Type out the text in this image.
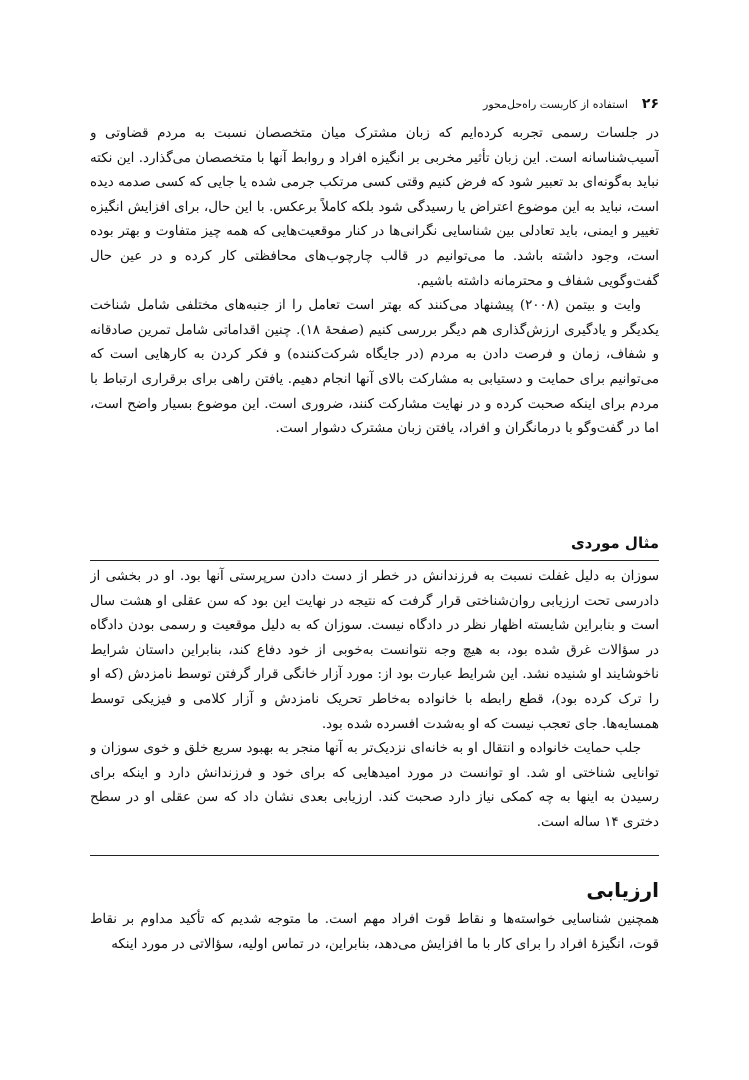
۲۶
استفاده از کاربست راه‌حل‌محور

در جلسات رسمی تجربه کرده‌ایم که زبان مشترک میان متخصصان نسبت به مردم قضاوتی و آسیب‌شناسانه است. این زبان تأثیر مخربی بر انگیزه افراد و روابط آنها با متخصصان می‌گذارد. این نکته نباید به‌گونه‌ای بد تعبیر شود که فرض کنیم وقتی کسی مرتکب جرمی شده یا جایی که کسی صدمه دیده است، نباید به این موضوع اعتراض یا رسیدگی شود بلکه کاملاً برعکس. با این حال، برای افزایش انگیزه تغییر و ایمنی، باید تعادلی بین شناسایی نگرانی‌ها در کنار موقعیت‌هایی که همه چیز متفاوت و بهتر بوده است، وجود داشته باشد. ما می‌توانیم در قالب چارچوب‌های محافظتی کار کرده و در عین حال گفت‌وگویی شفاف و محترمانه داشته باشیم.

وایت و بیتمن (۲۰۰۸) پیشنهاد می‌کنند که بهتر است تعامل را از جنبه‌های مختلفی شامل شناخت یکدیگر و یادگیری ارزش‌گذاری هم دیگر بررسی کنیم (صفحهٔ ۱۸). چنین اقداماتی شامل تمرین صادقانه و شفاف، زمان و فرصت دادن به مردم (در جایگاه شرکت‌کننده) و فکر کردن به کارهایی است که می‌توانیم برای حمایت و دستیابی به مشارکت بالای آنها انجام دهیم. یافتن راهی برای برقراری ارتباط با مردم برای اینکه صحبت کرده و در نهایت مشارکت کنند، ضروری است. این موضوع بسیار واضح است، اما در گفت‌وگو با درمانگران و افراد، یافتن زبان مشترک دشوار است.

مثال موردی

سوزان به دلیل غفلت نسبت به فرزندانش در خطر از دست دادن سرپرستی آنها بود. او در بخشی از دادرسی تحت ارزیابی روان‌شناختی قرار گرفت که نتیجه در نهایت این بود که سن عقلی او هشت سال است و بنابراین شایسته اظهار نظر در دادگاه نیست. سوزان که به دلیل موقعیت و رسمی بودن دادگاه در سؤالات غرق شده بود، به هیچ وجه نتوانست به‌خوبی از خود دفاع کند، بنابراین داستان شرایط ناخوشایند او شنیده نشد. این شرایط عبارت بود از: مورد آزار خانگی قرار گرفتن توسط نامزدش (که او را ترک کرده بود)، قطع رابطه با خانواده به‌خاطر تحریک نامزدش و آزار کلامی و فیزیکی توسط همسایه‌ها. جای تعجب نیست که او به‌شدت افسرده شده بود.

جلب حمایت خانواده و انتقال او به خانه‌ای نزدیک‌تر به آنها منجر به بهبود سریع خلق و خوی سوزان و توانایی شناختی او شد. او توانست در مورد امیدهایی که برای خود و فرزندانش دارد و اینکه برای رسیدن به اینها به چه کمکی نیاز دارد صحبت کند. ارزیابی بعدی نشان داد که سن عقلی او در سطح دختری ۱۴ ساله است.

ارزیابی

همچنین شناسایی خواسته‌ها و نقاط قوت افراد مهم است. ما متوجه شدیم که تأکید مداوم بر نقاط قوت، انگیزهٔ افراد را برای کار با ما افزایش می‌دهد، بنابراین، در تماس اولیه، سؤالاتی در مورد اینکه
